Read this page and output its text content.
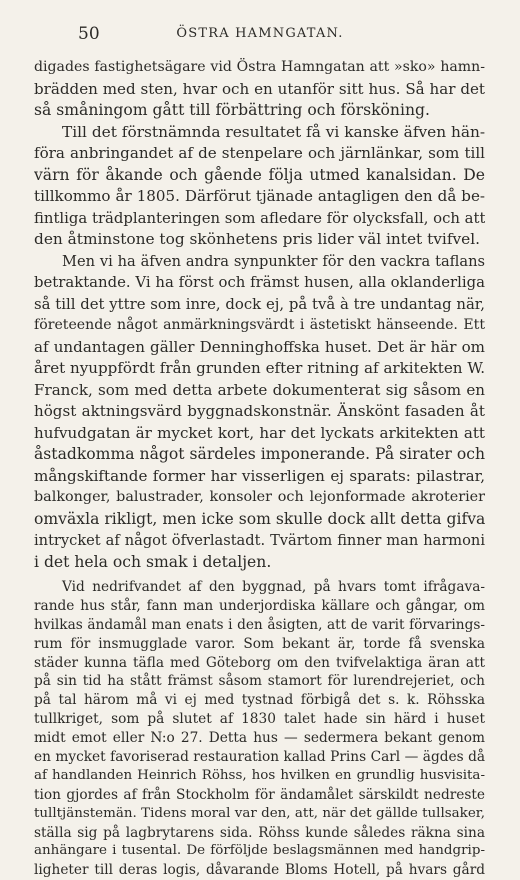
50	ÖSTRA HAMNGATAN.
digades fastighetsägare vid Östra Hamngatan att »sko» hamn-
brädden med sten, hvar och en utanför sitt hus. Så har det
så småningom gått till förbättring och försköning.
Till det förstnämnda resultatet få vi kanske äfven hän-
föra anbringandet af de stenpelare och järnlänkar, som till
värn för åkande och gående följa utmed kanalsidan. De
tillkommo år 1805. Därförut tjänade antagligen den då be-
fintliga trädplanteringen som afledare för olycksfall, och att
den åtminstone tog skönhetens pris lider väl intet tvifvel.
Men vi ha äfven andra synpunkter för den vackra taflans
betraktande. Vi ha först och främst husen, alla oklanderliga
så till det yttre som inre, dock ej, på två à tre undantag när,
företeende något anmärkningsvärdt i ästetiskt hänseende. Ett
af undantagen gäller Denninghoffska huset. Det är här om
året nyuppfördt från grunden efter ritning af arkitekten W.
Franck, som med detta arbete dokumenterat sig såsom en
högst aktningsvärd byggnadskonstnär. Änskönt fasaden åt
hufvudgatan är mycket kort, har det lyckats arkitekten att
åstadkomma något särdeles imponerande. På sirater och
mångskiftande former har visserligen ej sparats: pilastrar,
balkonger, balustrader, konsoler och lejonformade akroterier
omväxla rikligt, men icke som skulle dock allt detta gifva
intrycket af något öfverlastadt. Tvärtom finner man harmoni
i det hela och smak i detaljen.
Vid nedrifvandet af den byggnad, på hvars tomt ifrågava-
rande hus står, fann man underjordiska källare och gångar, om
hvilkas ändamål man enats i den åsigten, att de varit förvarings-
rum för insmugglade varor. Som bekant är, torde få svenska
städer kunna täfla med Göteborg om den tvifvelaktiga äran att
på sin tid ha stått främst såsom stamort för lurendrejeriet, och
på tal härom må vi ej med tystnad förbigå det s. k. Röhsska
tullkriget, som på slutet af 1830 talet hade sin härd i huset
midt emot eller N:o 27. Detta hus — sedermera bekant genom
en mycket favoriserad restauration kallad Prins Carl — ägdes då
af handlanden Heinrich Röhss, hos hvilken en grundlig husvisita-
tion gjordes af från Stockholm för ändamålet särskildt nedreste
tulltjänstemän. Tidens moral var den, att, när det gällde tullsaker,
ställa sig på lagbrytarens sida. Röhss kunde således räkna sina
anhängare i tusental. De förföljde beslagsmännen med handgrip-
ligheter till deras logis, dåvarande Bloms Hotell, på hvars gård
